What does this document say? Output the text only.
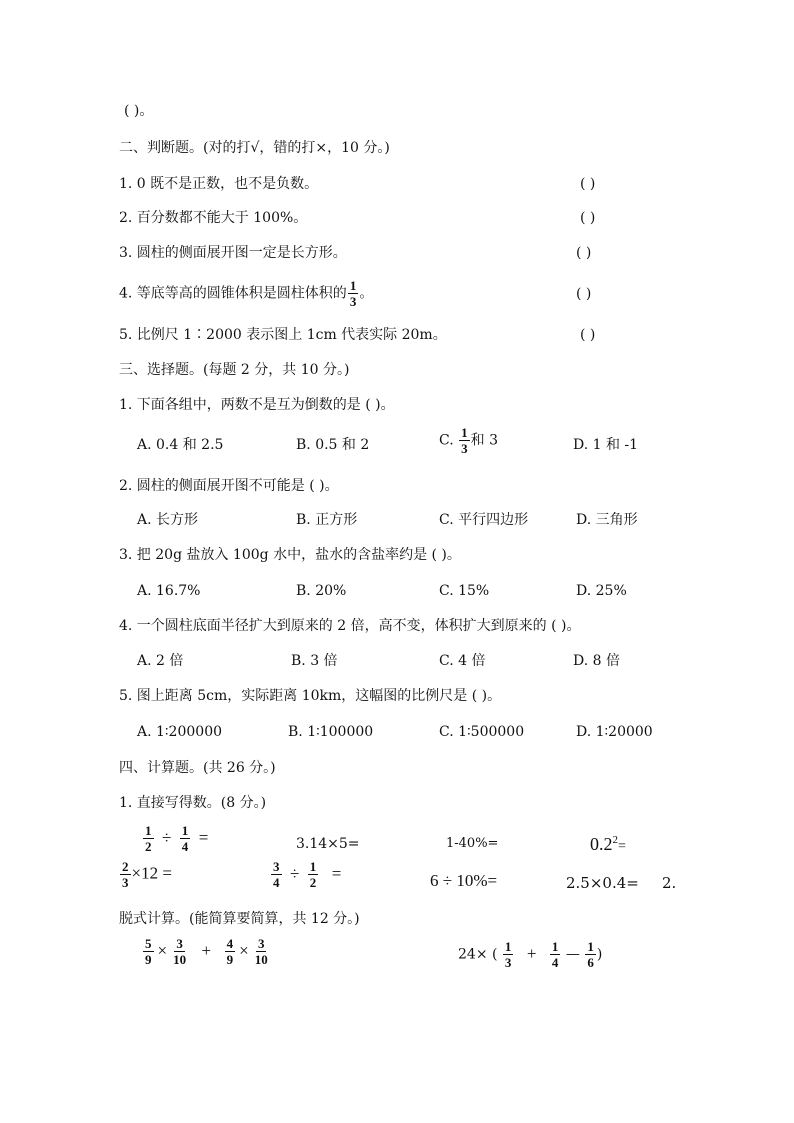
( )。
二、判断题。(对的打√，错的打×，10 分。)
1. 0 既不是正数，也不是负数。	( )
2. 百分数都不能大于 100%。	( )
3. 圆柱的侧面展开图一定是长方形。	( )
4. 等底等高的圆锥体积是圆柱体积的 $\frac{1}{3}$ 。	( )
5. 比例尺 1∶2000 表示图上 1cm 代表实际 20m。	( )
三、选择题。(每题 2 分，共 10 分。)
1. 下面各组中，两数不是互为倒数的是 ( )。
A. 0.4 和 2.5	B. 0.5 和 2	C. $\frac{1}{3}$ 和 3	D. 1 和 -1
2. 圆柱的侧面展开图不可能是 ( )。
A. 长方形	B. 正方形	C. 平行四边形	D. 三角形
3. 把 20g 盐放入 100g 水中，盐水的含盐率约是 ( )。
A. 16.7%	B. 20%	C. 15%	D. 25%
4. 一个圆柱底面半径扩大到原来的 2 倍，高不变，体积扩大到原来的 ( )。
A. 2 倍	B. 3 倍	C. 4 倍	D. 8 倍
5. 图上距离 5cm，实际距离 10km，这幅图的比例尺是 ( )。
A. 1∶200000	B. 1∶100000	C. 1∶500000	D. 1∶20000
四、计算题。(共 26 分。)
1. 直接写得数。(8 分。)
$\frac{1}{2} \div \frac{1}{4}$ =	3.14×5=	1-40%=	$0.2^2=$
$\frac{2}{3} \times 12$ =	$\frac{3}{4} \div \frac{1}{2}$ =	6 ÷ 10%=	2.5×0.4= 2.
脱式计算。(能简算要简算，共 12 分。)
$\frac{5}{9} \times \frac{3}{10} + \frac{4}{9} \times \frac{3}{10}$	24× ( $\frac{1}{3} + \frac{1}{4}$ — $\frac{1}{6}$ )
